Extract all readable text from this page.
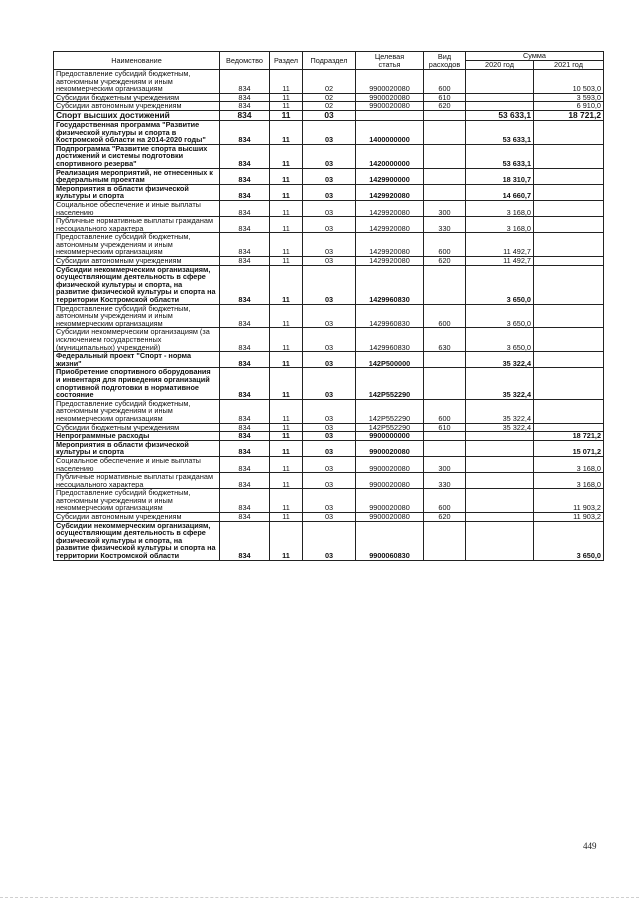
Наименование	Ведомство	Раздел	Подраздел	Целевая
статья	Вид
расходов	Сумма	
						2020 год	2021 год
Предоставление субсидий бюджетным, автономным учреждениям и иным некоммерческим организациям	834	11	02	9900020080	600		10 503,0
Субсидии бюджетным учреждениям	834	11	02	9900020080	610		3 593,0
Субсидии автономным учреждениям	834	11	02	9900020080	620		6 910,0
Спорт высших достижений	834	11	03			53 633,1	18 721,2
Государственная программа "Развитие физической культуры и спорта в Костромской области на 2014-2020 годы"	834	11	03	1400000000		53 633,1	
Подпрограмма "Развитие спорта высших достижений и системы подготовки спортивного резерва"	834	11	03	1420000000		53 633,1	
Реализация мероприятий, не отнесенных к федеральным проектам	834	11	03	1429900000		18 310,7	
Мероприятия в области физической культуры и спорта	834	11	03	1429920080		14 660,7	
Социальное обеспечение и иные выплаты населению	834	11	03	1429920080	300	3 168,0	
Публичные нормативные выплаты гражданам несоциального характера	834	11	03	1429920080	330	3 168,0	
Предоставление субсидий бюджетным, автономным учреждениям и иным некоммерческим организациям	834	11	03	1429920080	600	11 492,7	
Субсидии автономным учреждениям	834	11	03	1429920080	620	11 492,7	
Субсидии некоммерческим организациям, осуществляющим деятельность в сфере физической культуры и спорта, на развитие физической культуры и спорта на территории Костромской области	834	11	03	1429960830		3 650,0	
Предоставление субсидий бюджетным, автономным учреждениям и иным некоммерческим организациям	834	11	03	1429960830	600	3 650,0	
Субсидии некоммерческим организациям (за исключением государственных (муниципальных) учреждений)	834	11	03	1429960830	630	3 650,0	
Федеральный проект "Спорт - норма жизни"	834	11	03	142P500000		35 322,4	
Приобретение спортивного оборудования и инвентаря для приведения организаций спортивной подготовки в нормативное состояние	834	11	03	142P552290		35 322,4	
Предоставление субсидий бюджетным, автономным учреждениям и иным некоммерческим организациям	834	11	03	142P552290	600	35 322,4	
Субсидии бюджетным учреждениям	834	11	03	142P552290	610	35 322,4	
Непрограммные расходы	834	11	03	9900000000			18 721,2
Мероприятия в области физической культуры и спорта	834	11	03	9900020080			15 071,2
Социальное обеспечение и иные выплаты населению	834	11	03	9900020080	300		3 168,0
Публичные нормативные выплаты гражданам несоциального характера	834	11	03	9900020080	330		3 168,0
Предоставление субсидий бюджетным, автономным учреждениям и иным некоммерческим организациям	834	11	03	9900020080	600		11 903,2
Субсидии автономным учреждениям	834	11	03	9900020080	620		11 903,2
Субсидии некоммерческим организациям, осуществляющим деятельность в сфере физической культуры и спорта, на развитие физической культуры и спорта на территории Костромской области	834	11	03	9900060830			3 650,0
449
